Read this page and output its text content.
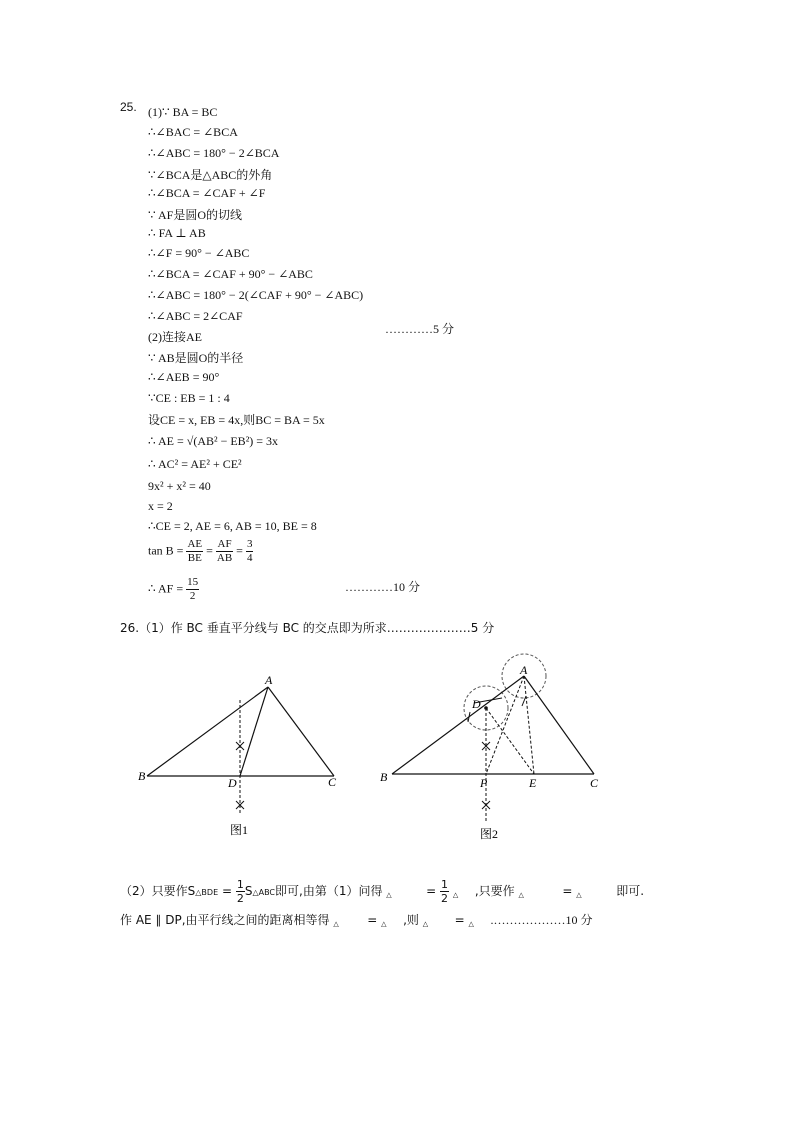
25. (1)∵ BA = BC
∴∠BAC = ∠BCA
∴∠ABC = 180° − 2∠BCA
∵∠BCA是△ABC的外角
∴∠BCA = ∠CAF + ∠F
∵ AF是圆O的切线
∴ FA ⊥ AB
∴∠F = 90° − ∠ABC
∴∠BCA = ∠CAF + 90° − ∠ABC
∴∠ABC = 180° − 2(∠CAF + 90° − ∠ABC)
∴∠ABC = 2∠CAF
(2)连接AE
…………5 分
∵ AB是圆O的半径
∴∠AEB = 90°
∵CE : EB = 1 : 4
设CE = x, EB = 4x,则BC = BA = 5x
∴ AE = √(AB² − EB²) = 3x
∴ AC² = AE² + CE²
9x² + x² = 40
x = 2
∴CE = 2, AE = 6, AB = 10, BE = 8
$\tan B = \frac{AE}{BE} = \frac{AF}{AB} = \frac{3}{4}$
∴ AF = $\frac{15}{2}$	…………10 分
26.（1）作 BC 垂直平分线与 BC 的交点即为所求…………………5 分
A
B	C
D
图1
A
B	C
D
P	E
图2
（2）只要作S△BDE = $\frac{1}{2}$ S△ABC即可,由第（1）问得 △	= $\frac{1}{2}$ △ ,只要作 △	= △	即可.
作 AE ∥ DP,由平行线之间的距离相等得 △ = △ ,则 △ = △ .………………10 分
